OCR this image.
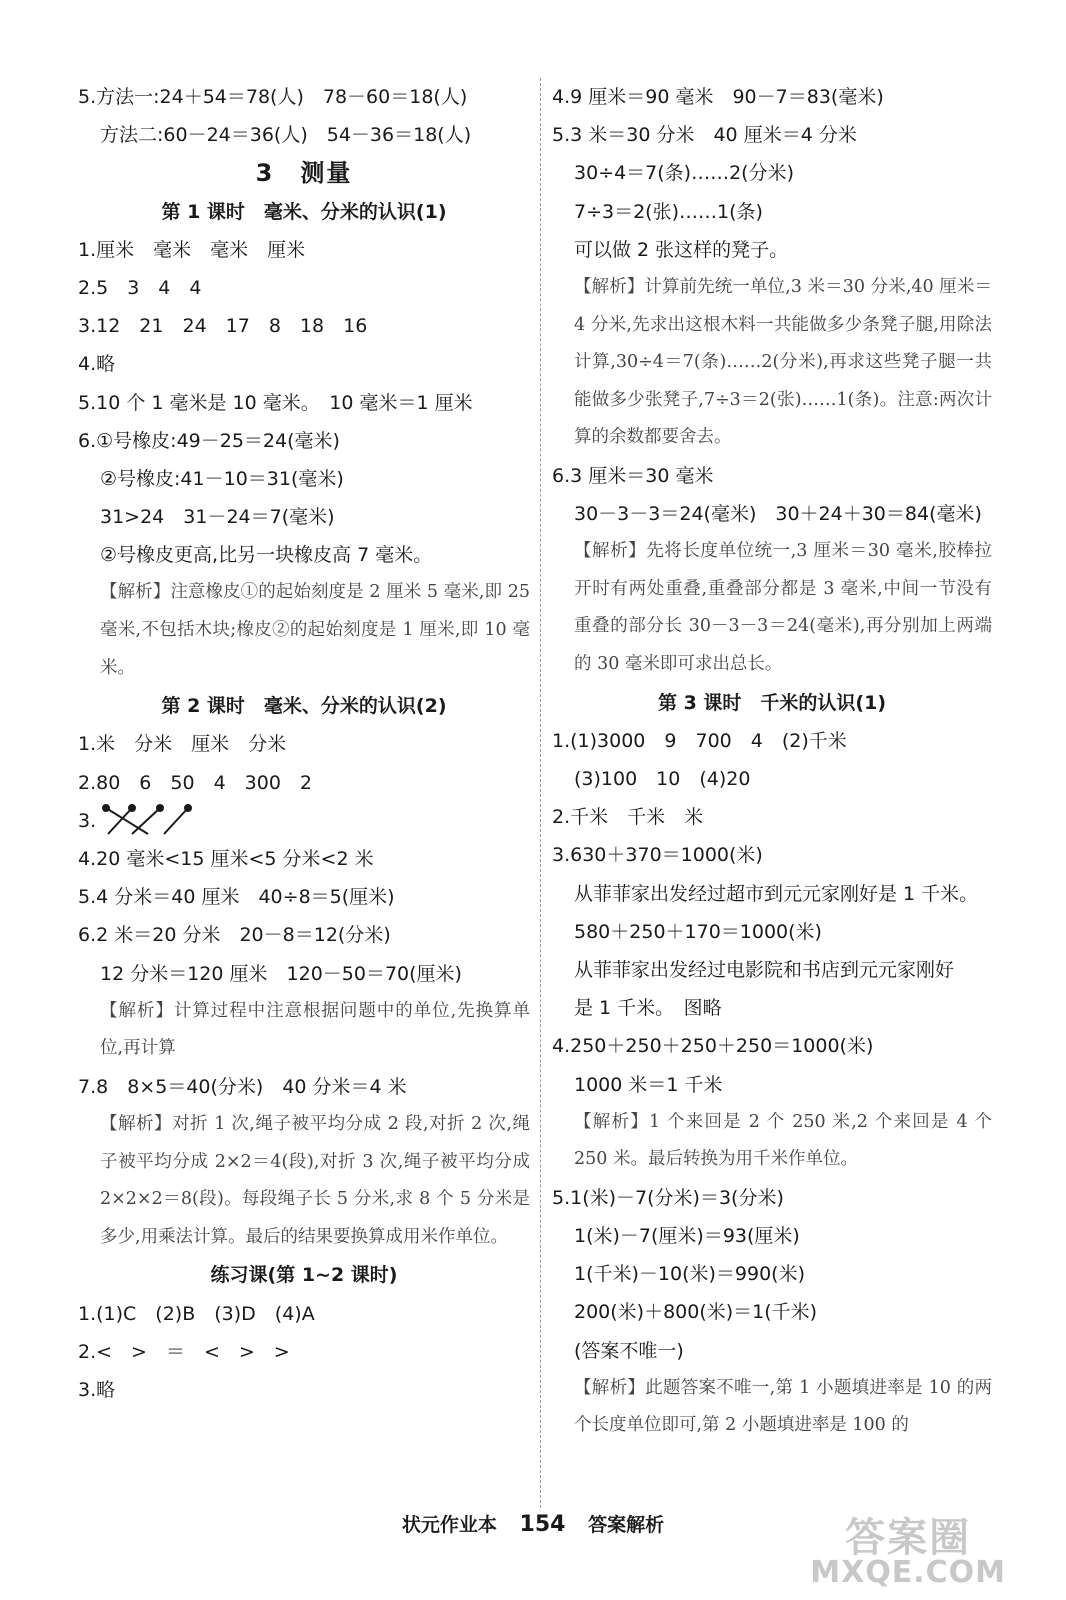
5.方法一:24＋54＝78(人)　78－60＝18(人)
方法二:60－24＝36(人)　54－36＝18(人)
3　测量
第 1 课时　毫米、分米的认识(1)
1.厘米　毫米　毫米　厘米
2.5　3　4　4
3.12　21　24　17　8　18　16
4.略
5.10 个 1 毫米是 10 毫米。　10 毫米＝1 厘米
6.①号橡皮:49－25＝24(毫米)
②号橡皮:41－10＝31(毫米)
31>24　31－24＝7(毫米)
②号橡皮更高,比另一块橡皮高 7 毫米。

【解析】注意橡皮①的起始刻度是 2 厘米 5 毫米,即 25 毫米,不包括木块;橡皮②的起始刻度是 1 厘米,即 10 毫米。

第 2 课时　毫米、分米的认识(2)
1.米　分米　厘米　分米
2.80　6　50　4　300　2
3.
4.20 毫米<15 厘米<5 分米<2 米
5.4 分米＝40 厘米　40÷8＝5(厘米)
6.2 米＝20 分米　20－8＝12(分米)
12 分米＝120 厘米　120－50＝70(厘米)

【解析】计算过程中注意根据问题中的单位,先换算单位,再计算

7.8　8×5＝40(分米)　40 分米＝4 米

【解析】对折 1 次,绳子被平均分成 2 段,对折 2 次,绳子被平均分成 2×2＝4(段),对折 3 次,绳子被平均分成 2×2×2＝8(段)。每段绳子长 5 分米,求 8 个 5 分米是多少,用乘法计算。最后的结果要换算成用米作单位。

练习课(第 1~2 课时)
1.(1)C　(2)B　(3)D　(4)A
2.<　>　＝　<　>　>
3.略
4.9 厘米＝90 毫米　90－7＝83(毫米)
5.3 米＝30 分米　40 厘米＝4 分米
30÷4＝7(条)……2(分米)
7÷3＝2(张)……1(条)
可以做 2 张这样的凳子。

【解析】计算前先统一单位,3 米＝30 分米,40 厘米＝4 分米,先求出这根木料一共能做多少条凳子腿,用除法计算,30÷4＝7(条)……2(分米),再求这些凳子腿一共能做多少张凳子,7÷3＝2(张)……1(条)。注意:两次计算的余数都要舍去。

6.3 厘米＝30 毫米
30－3－3＝24(毫米)　30＋24＋30＝84(毫米)

【解析】先将长度单位统一,3 厘米＝30 毫米,胶棒拉开时有两处重叠,重叠部分都是 3 毫米,中间一节没有重叠的部分长 30－3－3＝24(毫米),再分别加上两端的 30 毫米即可求出总长。

第 3 课时　千米的认识(1)
1.(1)3000　9　700　4　(2)千米
(3)100　10　(4)20
2.千米　千米　米
3.630＋370＝1000(米)
从菲菲家出发经过超市到元元家刚好是 1 千米。
580＋250＋170＝1000(米)
从菲菲家出发经过电影院和书店到元元家刚好
是 1 千米。　图略
4.250＋250＋250＋250＝1000(米)
1000 米＝1 千米

【解析】1 个来回是 2 个 250 米,2 个来回是 4 个 250 米。最后转换为用千米作单位。

5.1(米)－7(分米)＝3(分米)
1(米)－7(厘米)＝93(厘米)
1(千米)－10(米)＝990(米)
200(米)＋800(米)＝1(千米)
(答案不唯一)

【解析】此题答案不唯一,第 1 小题填进率是 10 的两个长度单位即可,第 2 小题填进率是 100 的

状元作业本 154 答案解析	答案圈
MXQE.COM
